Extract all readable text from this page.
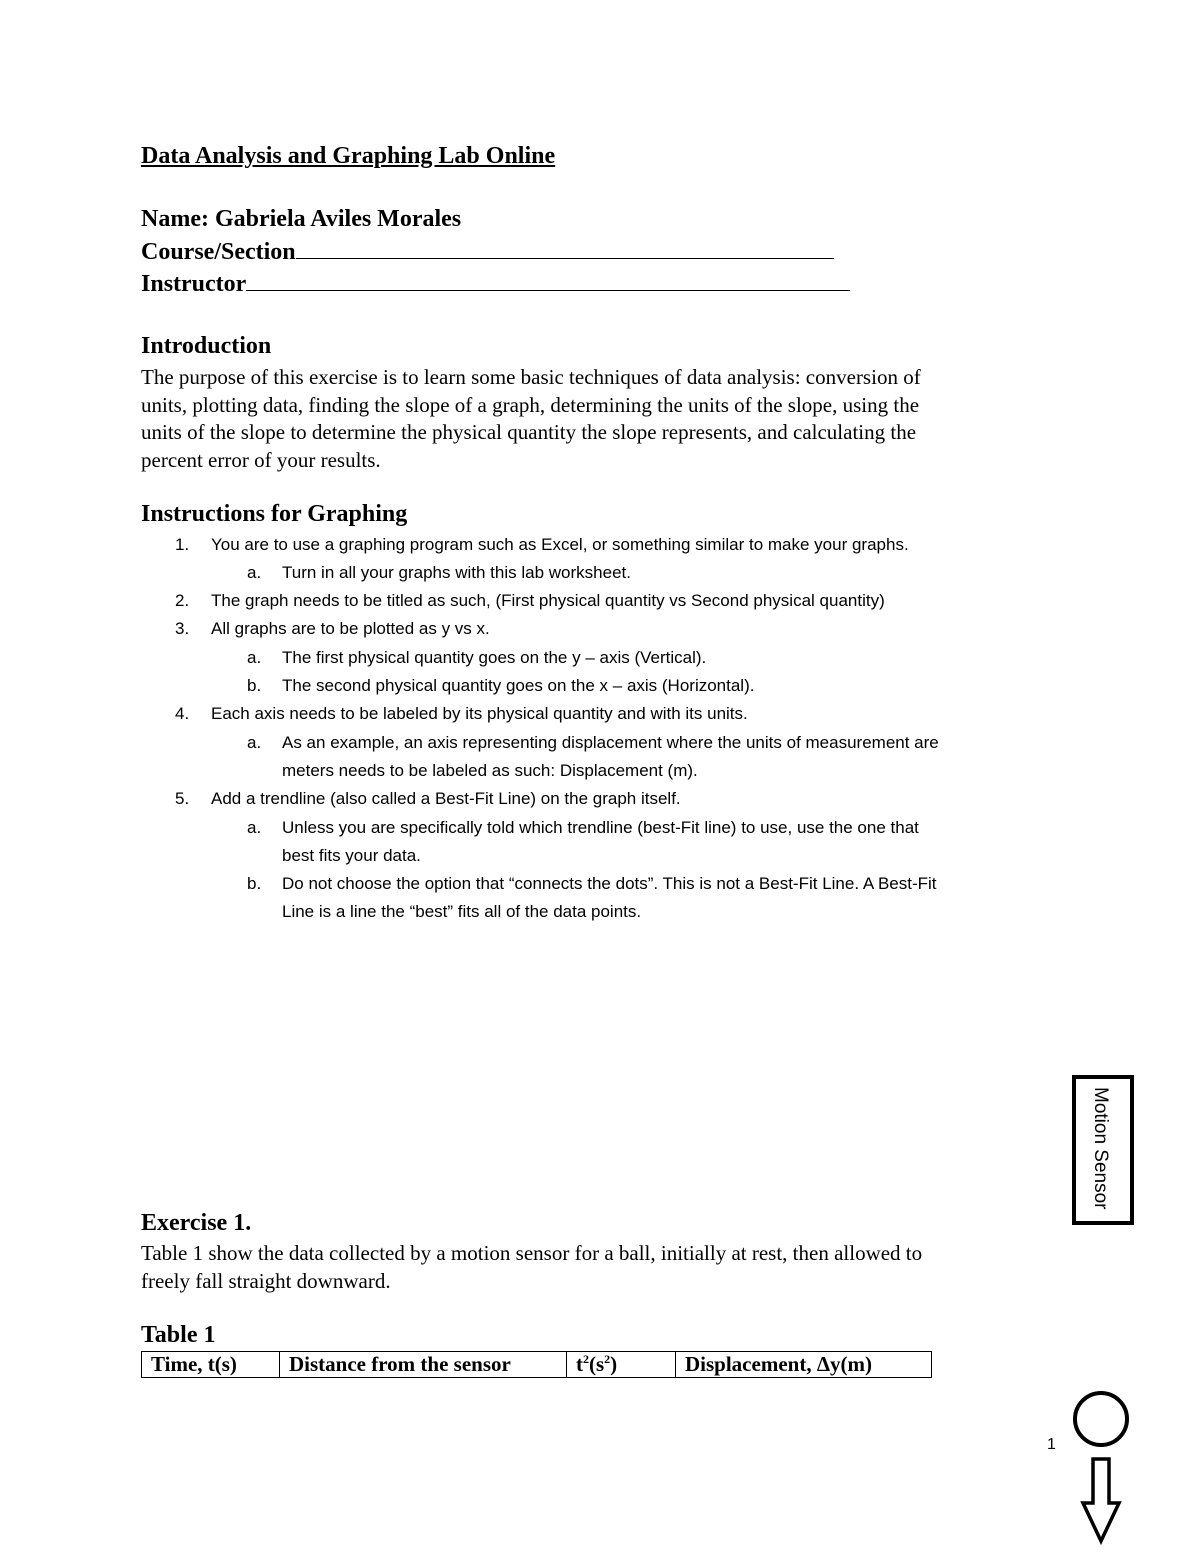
Data Analysis and Graphing Lab Online
Name: Gabriela Aviles Morales
Course/Section
Instructor
Introduction
The purpose of this exercise is to learn some basic techniques of data analysis: conversion of
units, plotting data, finding the slope of a graph, determining the units of the slope, using the
units of the slope to determine the physical quantity the slope represents, and calculating the
percent error of your results.
Instructions for Graphing
1. You are to use a graphing program such as Excel, or something similar to make your graphs.
a. Turn in all your graphs with this lab worksheet.
2. The graph needs to be titled as such, (First physical quantity vs Second physical quantity)
3. All graphs are to be plotted as y vs x.
a. The first physical quantity goes on the y – axis (Vertical).
b. The second physical quantity goes on the x – axis (Horizontal).
4. Each axis needs to be labeled by its physical quantity and with its units.
a. As an example, an axis representing displacement where the units of measurement are
meters needs to be labeled as such: Displacement (m).
5. Add a trendline (also called a Best-Fit Line) on the graph itself.
a. Unless you are specifically told which trendline (best-Fit line) to use, use the one that
best fits your data.
b. Do not choose the option that “connects the dots”. This is not a Best-Fit Line. A Best-Fit
Line is a line the “best” fits all of the data points.
Motion Sensor
Exercise 1.
Table 1 show the data collected by a motion sensor for a ball, initially at rest, then allowed to
freely fall straight downward.
Table 1
Time, t(s)	Distance from the sensor	$t^2(s^2)$	Displacement, Δy(m)
1
